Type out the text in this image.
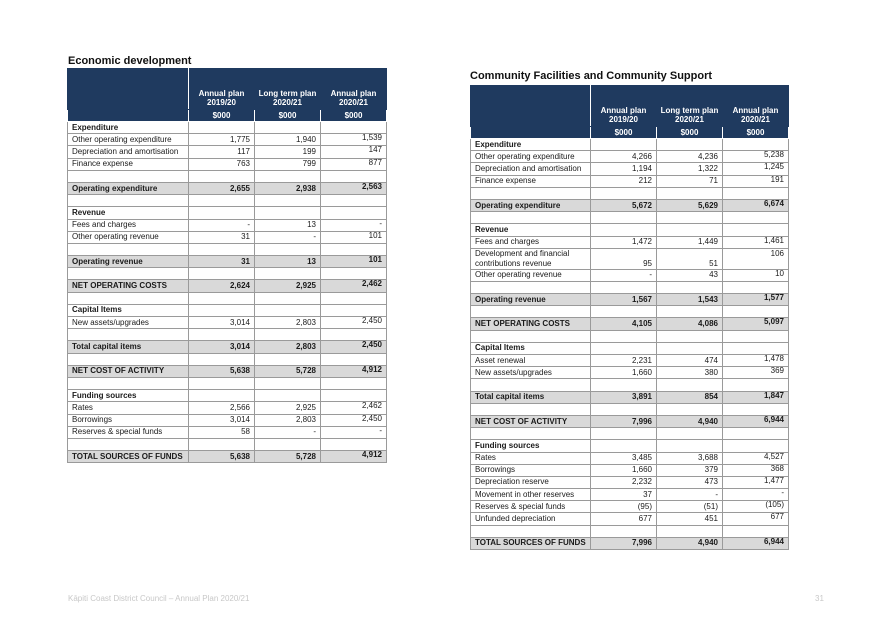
Economic development
	Annual plan 2019/20	Long term plan 2020/21	Annual plan 2020/21
	$000	$000	$000
Expenditure			
Other operating expenditure	1,775	1,940	1,539
Depreciation and amortisation	117	199	147
Finance expense	763	799	877

Operating expenditure	2,655	2,938	2,563

Revenue			
Fees and charges	-	13	-
Other operating revenue	31	-	101

Operating revenue	31	13	101

NET OPERATING COSTS	2,624	2,925	2,462

Capital Items			
New assets/upgrades	3,014	2,803	2,450

Total capital items	3,014	2,803	2,450

NET COST OF ACTIVITY	5,638	5,728	4,912

Funding sources			
Rates	2,566	2,925	2,462
Borrowings	3,014	2,803	2,450
Reserves & special funds	58	-	-

TOTAL SOURCES OF FUNDS	5,638	5,728	4,912
Community Facilities and Community Support
	Annual plan 2019/20	Long term plan 2020/21	Annual plan 2020/21
	$000	$000	$000
Expenditure			
Other operating expenditure	4,266	4,236	5,238
Depreciation and amortisation	1,194	1,322	1,245
Finance expense	212	71	191

Operating expenditure	5,672	5,629	6,674

Revenue			
Fees and charges	1,472	1,449	1,461
Development and financial contributions revenue	95	51	106
Other operating revenue	-	43	10

Operating revenue	1,567	1,543	1,577

NET OPERATING COSTS	4,105	4,086	5,097

Capital Items			
Asset renewal	2,231	474	1,478
New assets/upgrades	1,660	380	369

Total capital items	3,891	854	1,847

NET COST OF ACTIVITY	7,996	4,940	6,944

Funding sources			
Rates	3,485	3,688	4,527
Borrowings	1,660	379	368
Depreciation reserve	2,232	473	1,477
Movement in other reserves	37	-	-
Reserves & special funds	(95)	(51)	(105)
Unfunded depreciation	677	451	677

TOTAL SOURCES OF FUNDS	7,996	4,940	6,944
Kāpiti Coast District Council – Annual Plan 2020/21	31
